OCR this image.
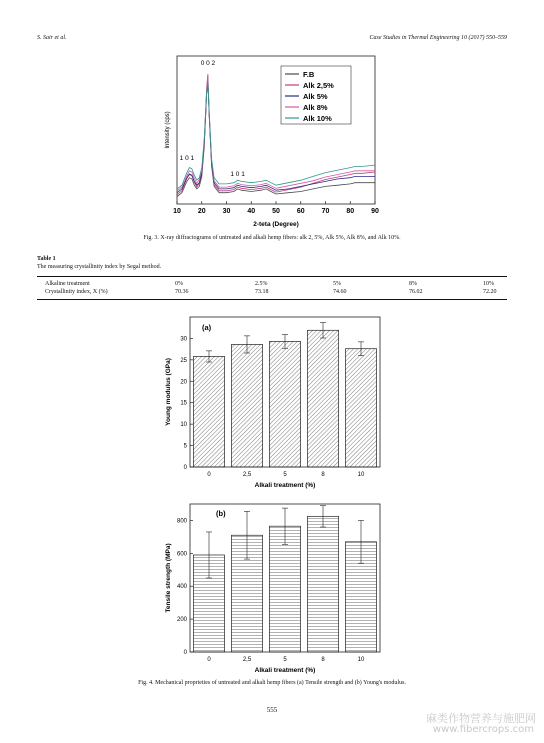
S. Sair et al.	Case Studies in Thermal Engineering 10 (2017) 550–559
10 20 30 40 50 60 70 80 90
1 0 1
0 0 2
1 0 1
Intensity (cps)
2-teta (Degree)
F.B
Alk 2,5%
Alk 5%
Alk 8%
Alk 10%
Fig. 3. X-ray diffractograms of untreated and alkali hemp fibers: alk 2, 5%, Alk 5%, Alk 8%, and Alk 10%.
Table 1
The measuring crystallinity index by Segal method.
Alkaline treatment	0%	2.5%	5%	8%	10%
Crystallinity index, X (%)	70.36	73.18	74.60	76.02	72.20
0
5
10
15
20
25
30
0	2,5	5	8	10
(a)
Young modulus (GPa)
Alkali treatment (%)
0
200
400
600
800
0	2,5	5	8	10
(b)
Tensile strength (MPa)
Alkali treatment (%)
Fig. 4. Mechanical proprieties of untreated and alkali hemp fibers (a) Tensile strength and (b) Young's modulus.
555
麻类作物营养与施肥网
www.fibercrops.com
